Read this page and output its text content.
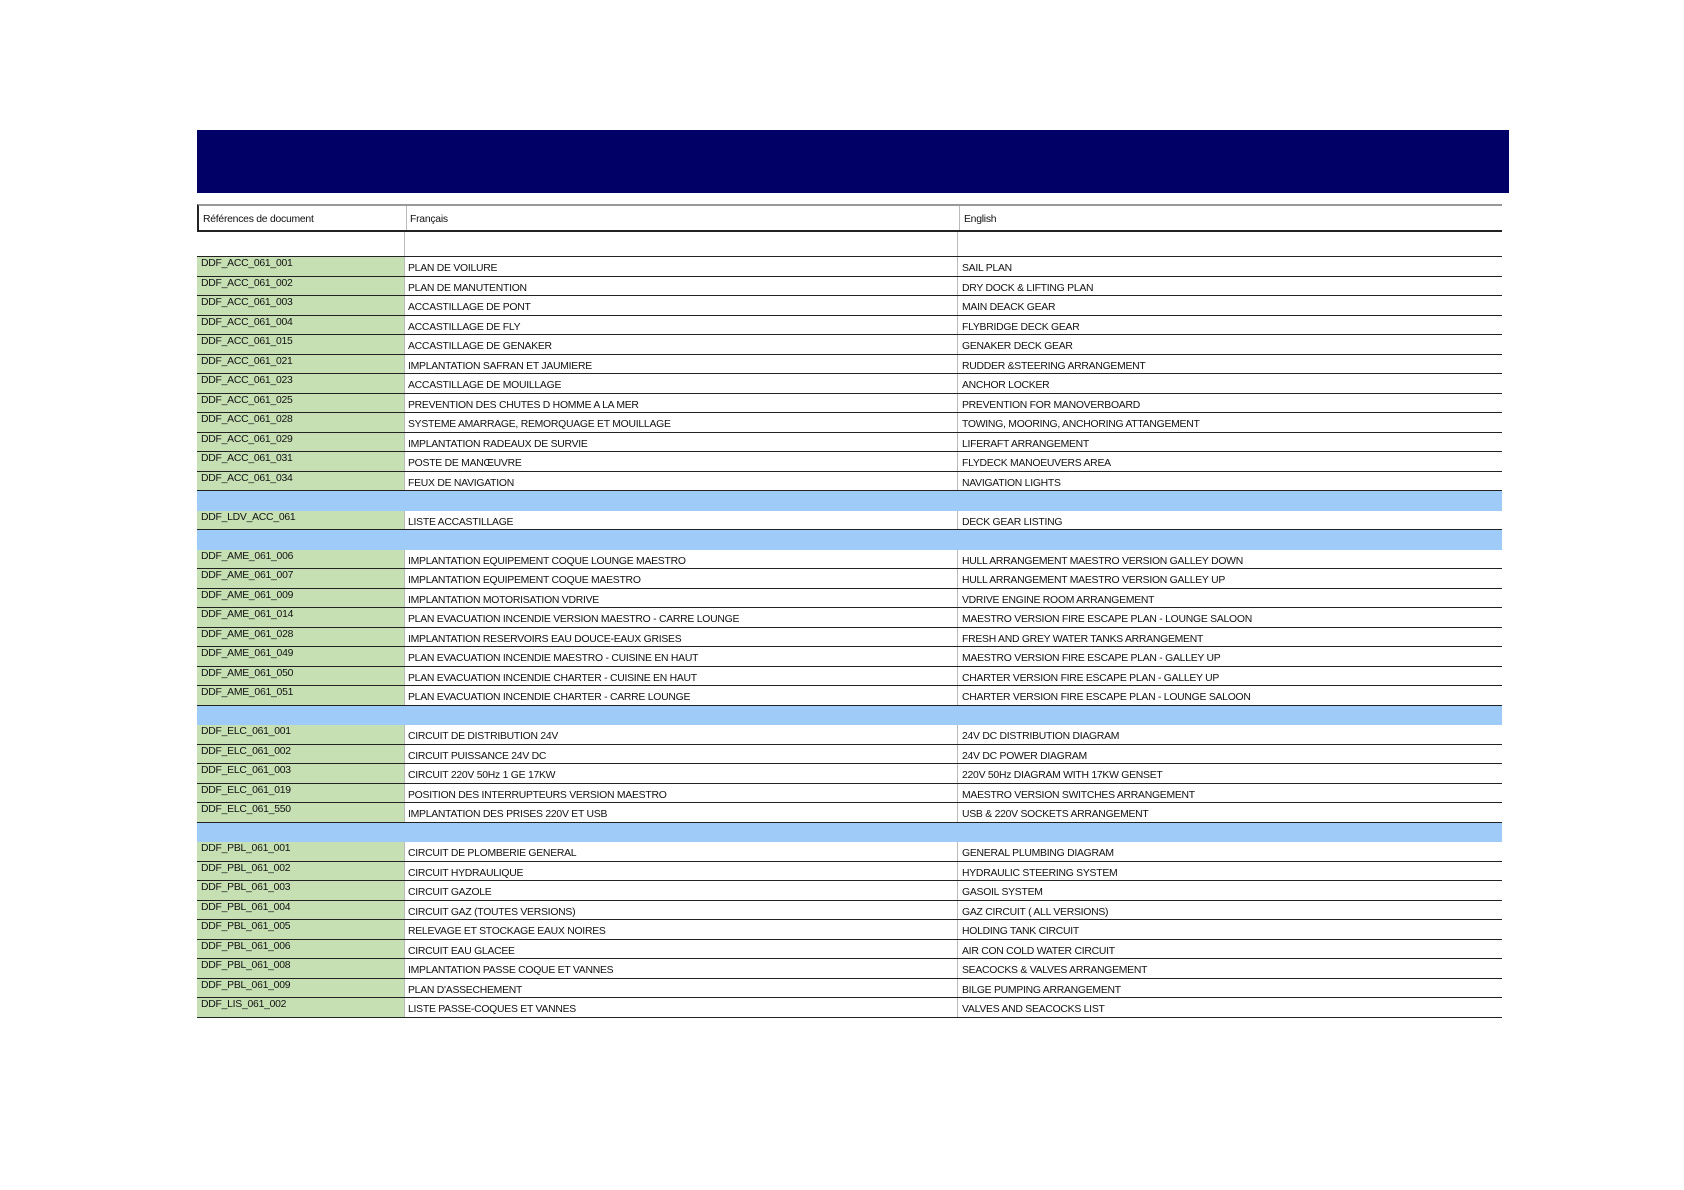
Références de document	Français	English
DDF_ACC_061_001	PLAN DE VOILURE	SAIL PLAN
DDF_ACC_061_002	PLAN DE MANUTENTION	DRY DOCK & LIFTING PLAN
DDF_ACC_061_003	ACCASTILLAGE DE PONT	MAIN DEACK GEAR
DDF_ACC_061_004	ACCASTILLAGE DE FLY	FLYBRIDGE DECK GEAR
DDF_ACC_061_015	ACCASTILLAGE DE GENAKER	GENAKER DECK GEAR
DDF_ACC_061_021	IMPLANTATION SAFRAN ET JAUMIERE	RUDDER &STEERING ARRANGEMENT
DDF_ACC_061_023	ACCASTILLAGE DE MOUILLAGE	ANCHOR LOCKER
DDF_ACC_061_025	PREVENTION DES CHUTES D HOMME A LA MER	PREVENTION FOR MANOVERBOARD
DDF_ACC_061_028	SYSTEME AMARRAGE, REMORQUAGE ET MOUILLAGE	TOWING, MOORING, ANCHORING ATTANGEMENT
DDF_ACC_061_029	IMPLANTATION RADEAUX DE SURVIE	LIFERAFT ARRANGEMENT
DDF_ACC_061_031	POSTE DE MANŒUVRE	FLYDECK MANOEUVERS AREA
DDF_ACC_061_034	FEUX DE NAVIGATION	NAVIGATION LIGHTS
DDF_LDV_ACC_061	LISTE ACCASTILLAGE	DECK GEAR LISTING
DDF_AME_061_006	IMPLANTATION EQUIPEMENT COQUE LOUNGE MAESTRO	HULL ARRANGEMENT MAESTRO VERSION GALLEY DOWN
DDF_AME_061_007	IMPLANTATION EQUIPEMENT COQUE MAESTRO	HULL ARRANGEMENT MAESTRO VERSION GALLEY UP
DDF_AME_061_009	IMPLANTATION MOTORISATION VDRIVE	VDRIVE ENGINE ROOM ARRANGEMENT
DDF_AME_061_014	PLAN EVACUATION INCENDIE VERSION MAESTRO - CARRE LOUNGE	MAESTRO VERSION FIRE ESCAPE PLAN - LOUNGE SALOON
DDF_AME_061_028	IMPLANTATION RESERVOIRS EAU DOUCE-EAUX GRISES	FRESH AND GREY WATER TANKS ARRANGEMENT
DDF_AME_061_049	PLAN EVACUATION INCENDIE MAESTRO - CUISINE EN HAUT	MAESTRO VERSION FIRE ESCAPE PLAN - GALLEY UP
DDF_AME_061_050	PLAN EVACUATION INCENDIE CHARTER - CUISINE EN HAUT	CHARTER VERSION FIRE ESCAPE PLAN - GALLEY UP
DDF_AME_061_051	PLAN EVACUATION INCENDIE CHARTER - CARRE LOUNGE	CHARTER VERSION FIRE ESCAPE PLAN - LOUNGE SALOON
DDF_ELC_061_001	CIRCUIT DE DISTRIBUTION 24V	24V DC DISTRIBUTION DIAGRAM
DDF_ELC_061_002	CIRCUIT PUISSANCE 24V DC	24V DC POWER DIAGRAM
DDF_ELC_061_003	CIRCUIT 220V 50Hz 1 GE 17KW	220V 50Hz DIAGRAM WITH 17KW GENSET
DDF_ELC_061_019	POSITION DES INTERRUPTEURS VERSION MAESTRO	MAESTRO VERSION SWITCHES ARRANGEMENT
DDF_ELC_061_550	IMPLANTATION DES PRISES 220V ET USB	USB & 220V SOCKETS ARRANGEMENT
DDF_PBL_061_001	CIRCUIT DE PLOMBERIE GENERAL	GENERAL PLUMBING DIAGRAM
DDF_PBL_061_002	CIRCUIT HYDRAULIQUE	HYDRAULIC STEERING SYSTEM
DDF_PBL_061_003	CIRCUIT GAZOLE	GASOIL SYSTEM
DDF_PBL_061_004	CIRCUIT GAZ (TOUTES VERSIONS)	GAZ CIRCUIT ( ALL VERSIONS)
DDF_PBL_061_005	RELEVAGE ET STOCKAGE EAUX NOIRES	HOLDING TANK CIRCUIT
DDF_PBL_061_006	CIRCUIT EAU GLACEE	AIR CON COLD WATER CIRCUIT
DDF_PBL_061_008	IMPLANTATION PASSE COQUE ET VANNES	SEACOCKS & VALVES ARRANGEMENT
DDF_PBL_061_009	PLAN D'ASSECHEMENT	BILGE PUMPING ARRANGEMENT
DDF_LIS_061_002	LISTE PASSE-COQUES ET VANNES	VALVES AND SEACOCKS LIST
